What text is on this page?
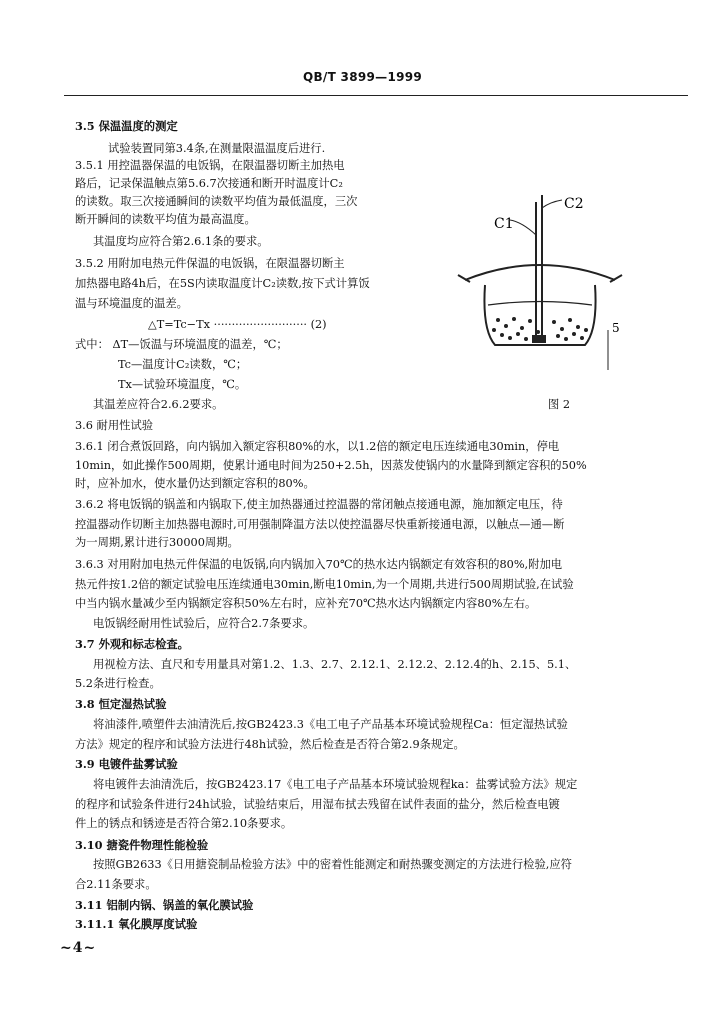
QB/T 3899—1999
3.5 保温温度的测定
试验装置同第3.4条,在测量限温温度后进行.
3.5.1 用控温器保温的电饭锅，在限温器切断主加热电
路后，记录保温触点第5.6.7次接通和断开时温度计C₂
的读数。取三次接通瞬间的读数平均值为最低温度，三次
断开瞬间的读数平均值为最高温度。
其温度均应符合第2.6.1条的要求。
3.5.2 用附加电热元件保温的电饭锅，在限温器切断主
加热器电路4h后，在5S内读取温度计C₂读数,按下式计算饭
温与环境温度的温差。
△T=Tc−Tx ·························· (2)
式中： ΔT—饭温与环境温度的温差，℃；
Tc—温度计C₂读数，℃；
Tx—试验环境温度，℃。
其温差应符合2.6.2要求。
3.6 耐用性试验
3.6.1 闭合煮饭回路，向内锅加入额定容积80%的水，以1.2倍的额定电压连续通电30min，停电
10min，如此操作500周期，使累计通电时间为250+2.5h，因蒸发使锅内的水量降到额定容积的50%
时，应补加水，使水量仍达到额定容积的80%。
3.6.2 将电饭锅的锅盖和内锅取下,使主加热器通过控温器的常闭触点接通电源，施加额定电压，待
控温器动作切断主加热器电源时,可用强制降温方法以使控温器尽快重新接通电源，以触点—通—断
为一周期,累计进行30000周期。
3.6.3 对用附加电热元件保温的电饭锅,向内锅加入70℃的热水达内锅额定有效容积的80%,附加电
热元件按1.2倍的额定试验电压连续通电30min,断电10min,为一个周期,共进行500周期试验,在试验
中当内锅水量减少至内锅额定容积50%左右时，应补充70℃热水达内锅额定内容80%左右。
电饭锅经耐用性试验后，应符合2.7条要求。
3.7 外观和标志检查。
用视检方法、直尺和专用量具对第1.2、1.3、2.7、2.12.1、2.12.2、2.12.4的h、2.15、5.1、
5.2条进行检查。
3.8 恒定湿热试验
将油漆件,喷塑件去油清洗后,按GB2423.3《电工电子产品基本环境试验规程Ca：恒定湿热试验
方法》规定的程序和试验方法进行48h试验，然后检查是否符合第2.9条规定。
3.9 电镀件盐雾试验
将电镀件去油清洗后，按GB2423.17《电工电子产品基本环境试验规程ka：盐雾试验方法》规定
的程序和试验条件进行24h试验，试验结束后，用湿布拭去残留在试件表面的盐分，然后检查电镀
件上的锈点和锈迹是否符合第2.10条要求。
3.10 搪瓷件物理性能检验
按照GB2633《日用搪瓷制品检验方法》中的密着性能测定和耐热骤变测定的方法进行检验,应符
合2.11条要求。
3.11 铝制内锅、锅盖的氧化膜试验
3.11.1 氧化膜厚度试验
C1
C2
5
图 2
~4~
